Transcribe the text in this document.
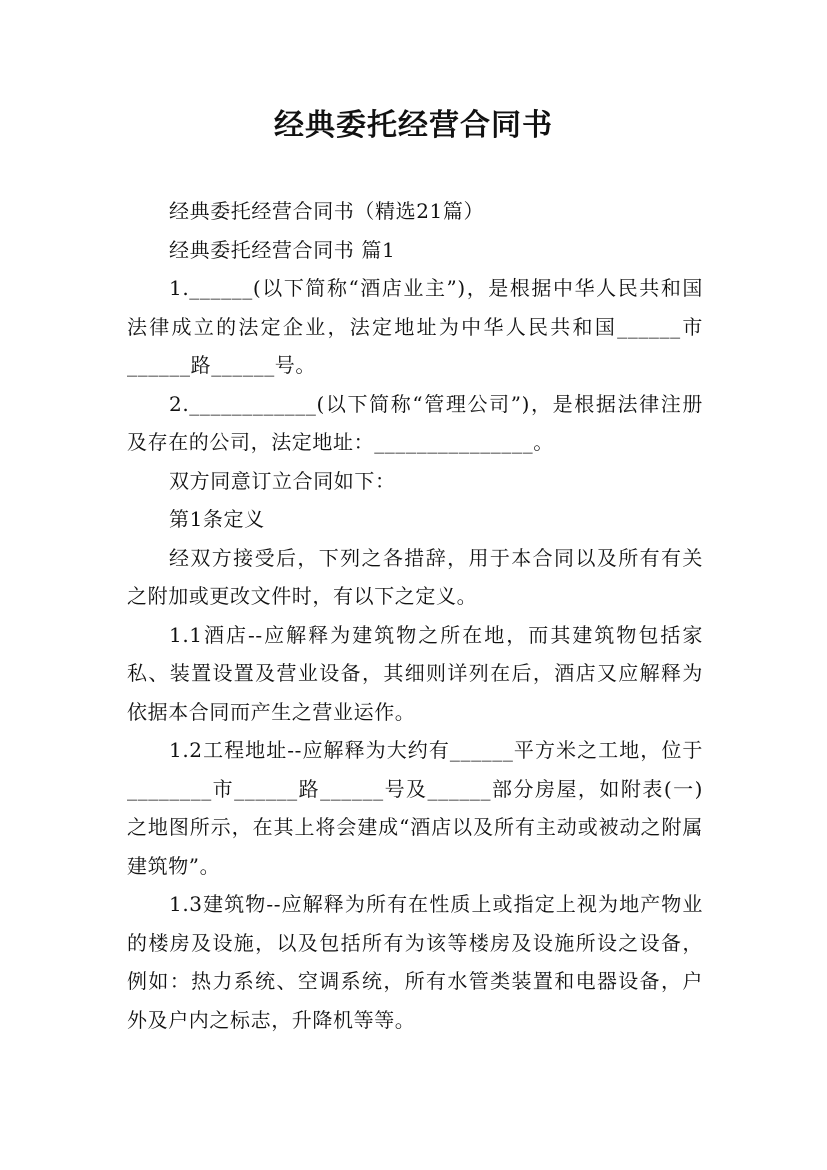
经典委托经营合同书

经典委托经营合同书（精选21篇）

经典委托经营合同书 篇1

1.______(以下简称“酒店业主”)，是根据中华人民共和国法律成立的法定企业，法定地址为中华人民共和国______市______路______号。

2.____________(以下简称“管理公司”)，是根据法律注册及存在的公司，法定地址：_______________。

双方同意订立合同如下：

第1条定义

经双方接受后，下列之各措辞，用于本合同以及所有有关之附加或更改文件时，有以下之定义。

1.1酒店--应解释为建筑物之所在地，而其建筑物包括家私、装置设置及营业设备，其细则详列在后，酒店又应解释为依据本合同而产生之营业运作。

1.2工程地址--应解释为大约有______平方米之工地，位于________市______路______号及______部分房屋，如附表(一)之地图所示，在其上将会建成“酒店以及所有主动或被动之附属建筑物”。

1.3建筑物--应解释为所有在性质上或指定上视为地产物业的楼房及设施，以及包括所有为该等楼房及设施所设之设备，例如：热力系统、空调系统，所有水管类装置和电器设备，户外及户内之标志，升降机等等。
